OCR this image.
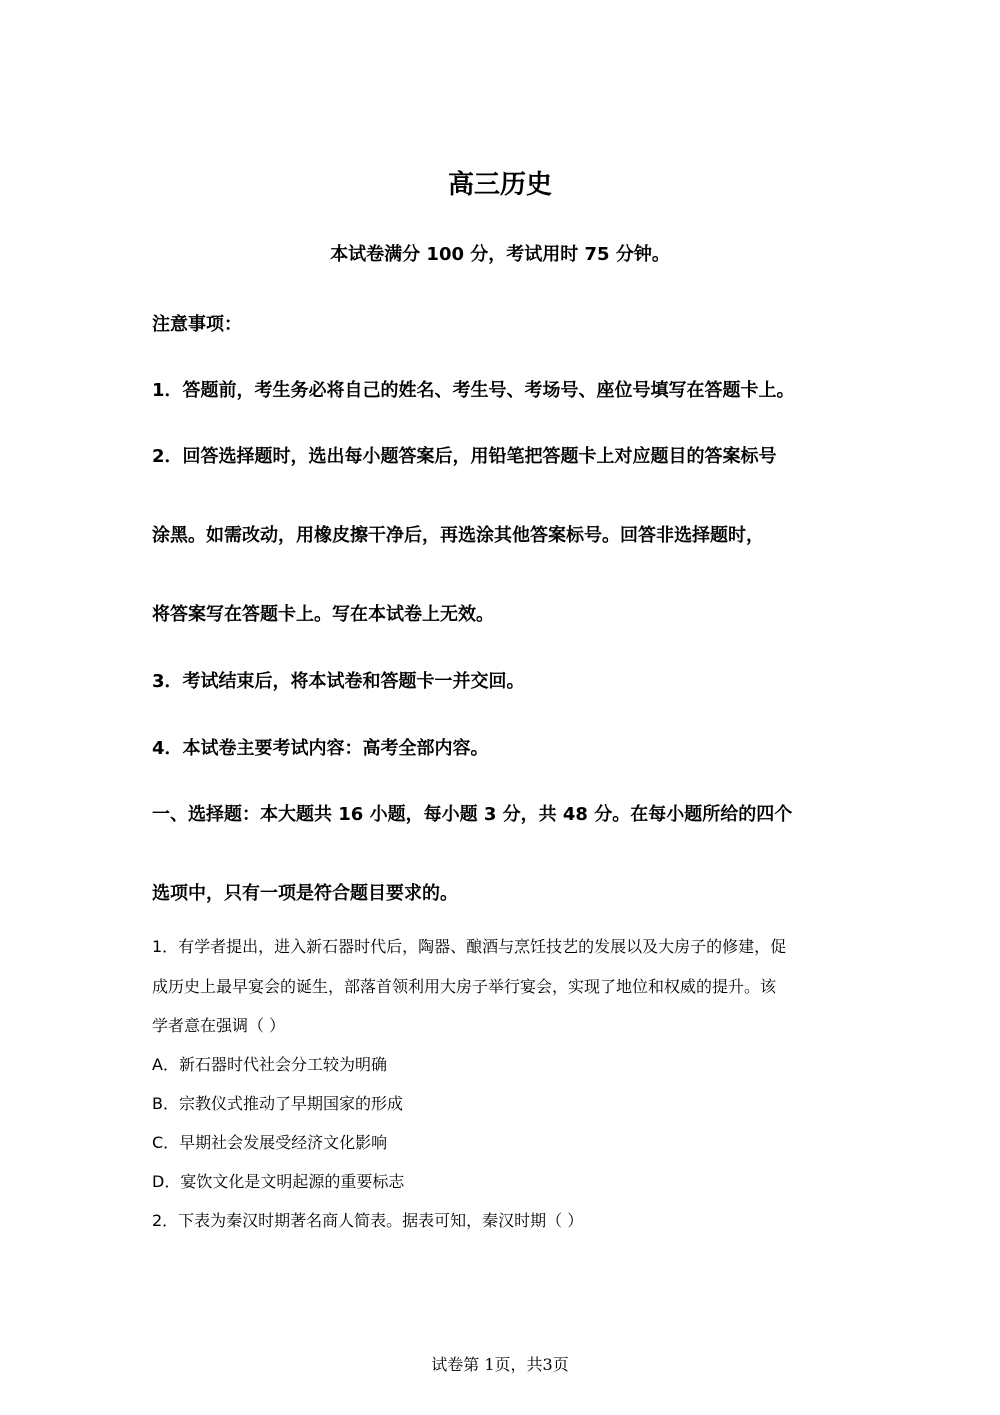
高三历史
本试卷满分 100 分，考试用时 75 分钟。
注意事项：
1．答题前，考生务必将自己的姓名、考生号、考场号、座位号填写在答题卡上。
2．回答选择题时，选出每小题答案后，用铅笔把答题卡上对应题目的答案标号
涂黑。如需改动，用橡皮擦干净后，再选涂其他答案标号。回答非选择题时，
将答案写在答题卡上。写在本试卷上无效。
3．考试结束后，将本试卷和答题卡一并交回。
4．本试卷主要考试内容：高考全部内容。
一、选择题：本大题共 16 小题，每小题 3 分，共 48 分。在每小题所给的四个
选项中，只有一项是符合题目要求的。
1．有学者提出，进入新石器时代后，陶器、酿酒与烹饪技艺的发展以及大房子的修建，促
成历史上最早宴会的诞生，部落首领利用大房子举行宴会，实现了地位和权威的提升。该
学者意在强调（ ）
A．新石器时代社会分工较为明确
B．宗教仪式推动了早期国家的形成
C．早期社会发展受经济文化影响
D．宴饮文化是文明起源的重要标志
2．下表为秦汉时期著名商人简表。据表可知，秦汉时期（ ）
试卷第 1页，共3页
